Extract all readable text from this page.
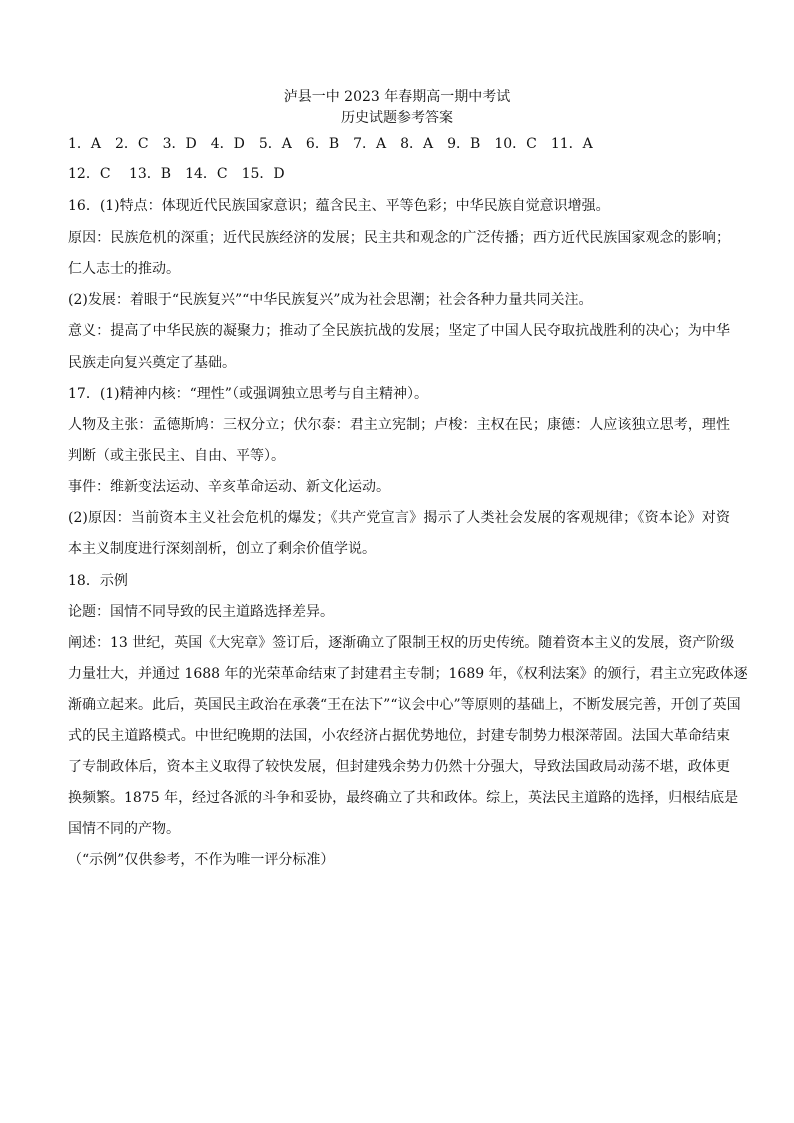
泸县一中 2023 年春期高一期中考试
历史试题参考答案
1．A　2．C　3．D　4．D　5．A　6．B　7．A　8．A　9．B　10．C　11．A
12．C　 13．B　14．C　15．D
16．(1)特点：体现近代民族国家意识；蕴含民主、平等色彩；中华民族自觉意识增强。
原因：民族危机的深重；近代民族经济的发展；民主共和观念的广泛传播；西方近代民族国家观念的影响；
仁人志士的推动。
(2)发展：着眼于“民族复兴”“中华民族复兴”成为社会思潮；社会各种力量共同关注。
意义：提高了中华民族的凝聚力；推动了全民族抗战的发展；坚定了中国人民夺取抗战胜利的决心；为中华
民族走向复兴奠定了基础。
17．(1)精神内核：“理性”（或强调独立思考与自主精神）。
人物及主张：孟德斯鸠：三权分立；伏尔泰：君主立宪制；卢梭：主权在民；康德：人应该独立思考，理性
判断（或主张民主、自由、平等）。
事件：维新变法运动、辛亥革命运动、新文化运动。
(2)原因：当前资本主义社会危机的爆发；《共产党宣言》揭示了人类社会发展的客观规律；《资本论》对资
本主义制度进行深刻剖析，创立了剩余价值学说。
18．示例
论题：国情不同导致的民主道路选择差异。
阐述：13 世纪，英国《大宪章》签订后，逐渐确立了限制王权的历史传统。随着资本主义的发展，资产阶级
力量壮大，并通过 1688 年的光荣革命结束了封建君主专制；1689 年，《权利法案》的颁行，君主立宪政体逐
渐确立起来。此后，英国民主政治在承袭“王在法下”“议会中心”等原则的基础上，不断发展完善，开创了英国
式的民主道路模式。中世纪晚期的法国，小农经济占据优势地位，封建专制势力根深蒂固。法国大革命结束
了专制政体后，资本主义取得了较快发展，但封建残余势力仍然十分强大，导致法国政局动荡不堪，政体更
换频繁。1875 年，经过各派的斗争和妥协，最终确立了共和政体。综上，英法民主道路的选择，归根结底是
国情不同的产物。
（“示例”仅供参考，不作为唯一评分标准）
